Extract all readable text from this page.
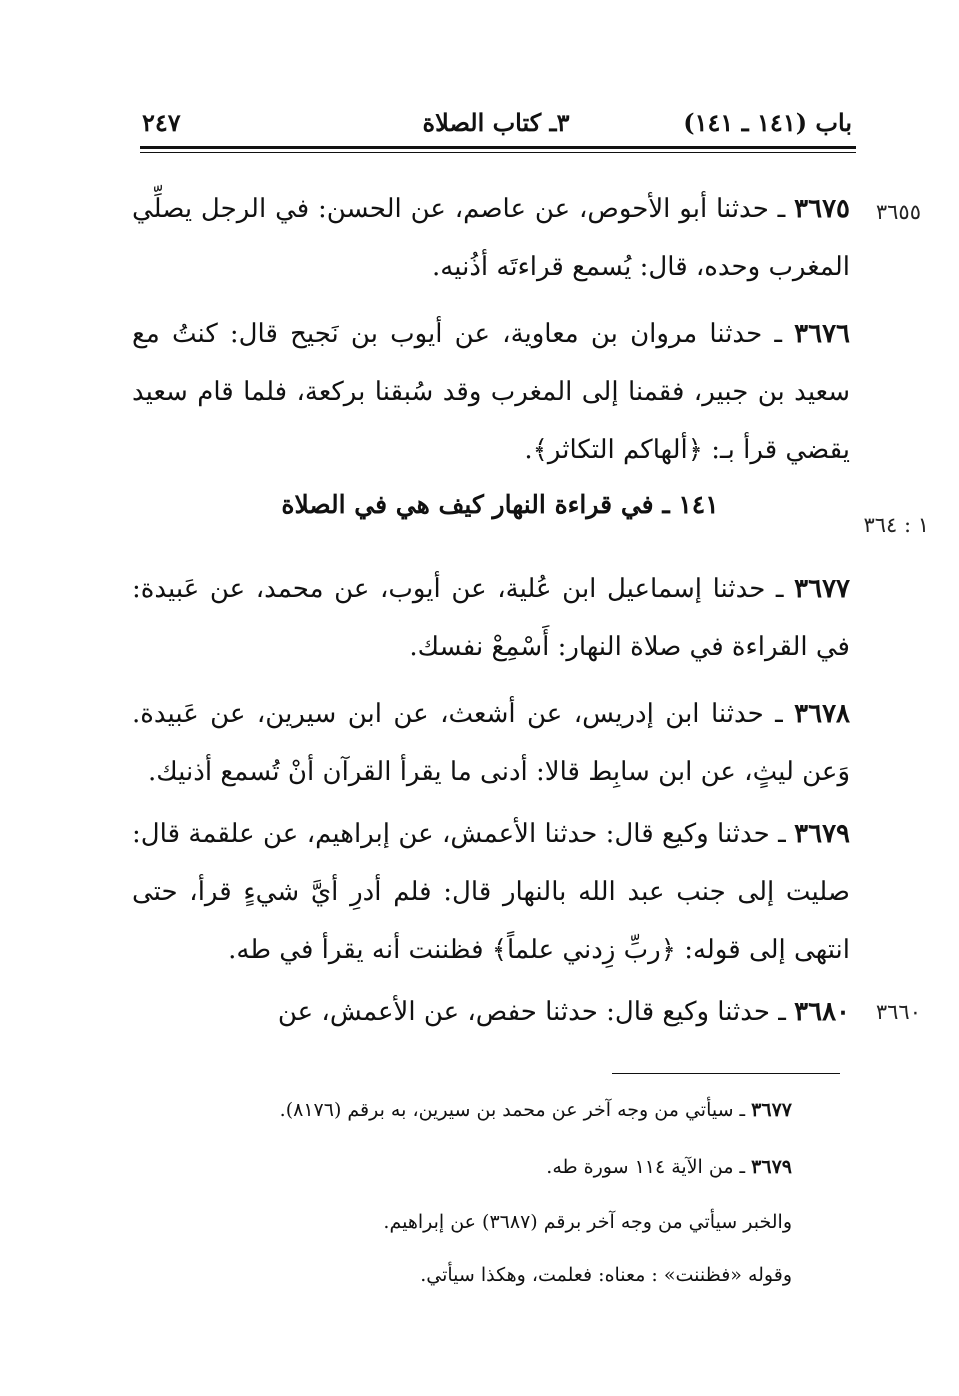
باب (١٤١ ـ ١٤١)
٣ـ كتاب الصلاة
٢٤٧
٣٦٥٥
١ : ٣٦٤
٣٦٦٠
٣٦٧٥ ـ حدثنا أبو الأحوص، عن عاصم، عن الحسن: في الرجل يصلِّي المغرب وحده، قال: يُسمع قراءتَه أذُنيه.
٣٦٧٦ ـ حدثنا مروان بن معاوية، عن أيوب بن نَجيح قال: كنتُ مع سعيد بن جبير، فقمنا إلى المغرب وقد سُبقنا بركعة، فلما قام سعيد يقضي قرأ بـ: ﴿ألهاكم التكاثر﴾.
١٤١ ـ في قراءة النهار كيف هي في الصلاة
٣٦٧٧ ـ حدثنا إسماعيل ابن عُلية، عن أيوب، عن محمد، عن عَبيدة: في القراءة في صلاة النهار: أَسْمِعْ نفسك.
٣٦٧٨ ـ حدثنا ابن إدريس، عن أشعث، عن ابن سيرين، عن عَبيدة. وَعن ليثٍ، عن ابن سابِط قالا: أدنى ما يقرأ القرآن أنْ تُسمع أذنيك.
٣٦٧٩ ـ حدثنا وكيع قال: حدثنا الأعمش، عن إبراهيم، عن علقمة قال: صليت إلى جنب عبد الله بالنهار قال: فلم أدرِ أيَّ شيءٍ قرأ، حتى انتهى إلى قوله: ﴿ربِّ زِدني علماً﴾ فظننت أنه يقرأ في طه.
٣٦٨٠ ـ حدثنا وكيع قال: حدثنا حفص، عن الأعمش، عن
٣٦٧٧ ـ سيأتي من وجه آخر عن محمد بن سيرين، به برقم (٨١٧٦).
٣٦٧٩ ـ من الآية ١١٤ سورة طه.
والخبر سيأتي من وجه آخر برقم (٣٦٨٧) عن إبراهيم.
وقوله «فظننت» : معناه: فعلمت، وهكذا سيأتي.
